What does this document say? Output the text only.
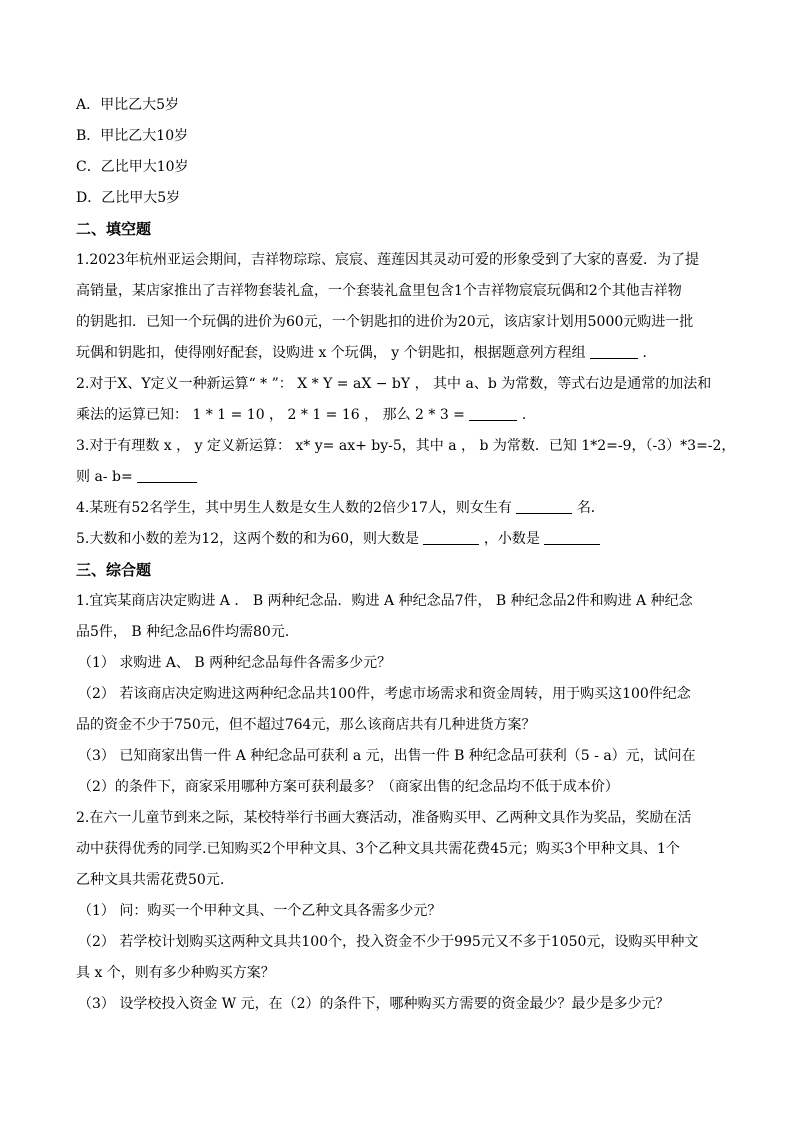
A．甲比乙大5岁
B．甲比乙大10岁
C．乙比甲大10岁
D．乙比甲大5岁
二、填空题
1.2023年杭州亚运会期间，吉祥物琮琮、宸宸、莲莲因其灵动可爱的形象受到了大家的喜爱．为了提
高销量，某店家推出了吉祥物套装礼盒，一个套装礼盒里包含1个吉祥物宸宸玩偶和2个其他吉祥物
的钥匙扣．已知一个玩偶的进价为60元，一个钥匙扣的进价为20元，该店家计划用5000元购进一批
玩偶和钥匙扣，使得刚好配套，设购进 x 个玩偶， y 个钥匙扣，根据题意列方程组	．
2.对于X、Y定义一种新运算“ * ”： X * Y = aX − bY ， 其中 a、b 为常数，等式右边是通常的加法和
乘法的运算已知： 1 * 1 = 10 ， 2 * 1 = 16 ， 那么 2 * 3 =	.
3.对于有理数 x ， y 定义新运算： x* y= ax+ by-5，其中 a ， b 为常数．已知 1*2=-9，（-3）*3=-2，
则 a- b=
4.某班有52名学生，其中男生人数是女生人数的2倍少17人，则女生有	名．
5.大数和小数的差为12，这两个数的和为60，则大数是	，小数是
三、综合题
1.宜宾某商店决定购进 A ． B 两种纪念品．购进 A 种纪念品7件， B 种纪念品2件和购进 A 种纪念
品5件， B 种纪念品6件均需80元．
（1） 求购进 A、 B 两种纪念品每件各需多少元？
（2） 若该商店决定购进这两种纪念品共100件，考虑市场需求和资金周转，用于购买这100件纪念
品的资金不少于750元，但不超过764元，那么该商店共有几种进货方案？
（3） 已知商家出售一件 A 种纪念品可获利 a 元，出售一件 B 种纪念品可获利（5 - a）元，试问在
（2）的条件下，商家采用哪种方案可获利最多？（商家出售的纪念品均不低于成本价）
2.在六一儿童节到来之际，某校特举行书画大赛活动，准备购买甲、乙两种文具作为奖品，奖励在活
动中获得优秀的同学.已知购买2个甲种文具、3个乙种文具共需花费45元；购买3个甲种文具、1个
乙种文具共需花费50元.
（1） 问：购买一个甲种文具、一个乙种文具各需多少元？
（2） 若学校计划购买这两种文具共100个，投入资金不少于995元又不多于1050元，设购买甲种文
具 x 个，则有多少种购买方案？
（3） 设学校投入资金 W 元，在（2）的条件下，哪种购买方需要的资金最少？最少是多少元？
